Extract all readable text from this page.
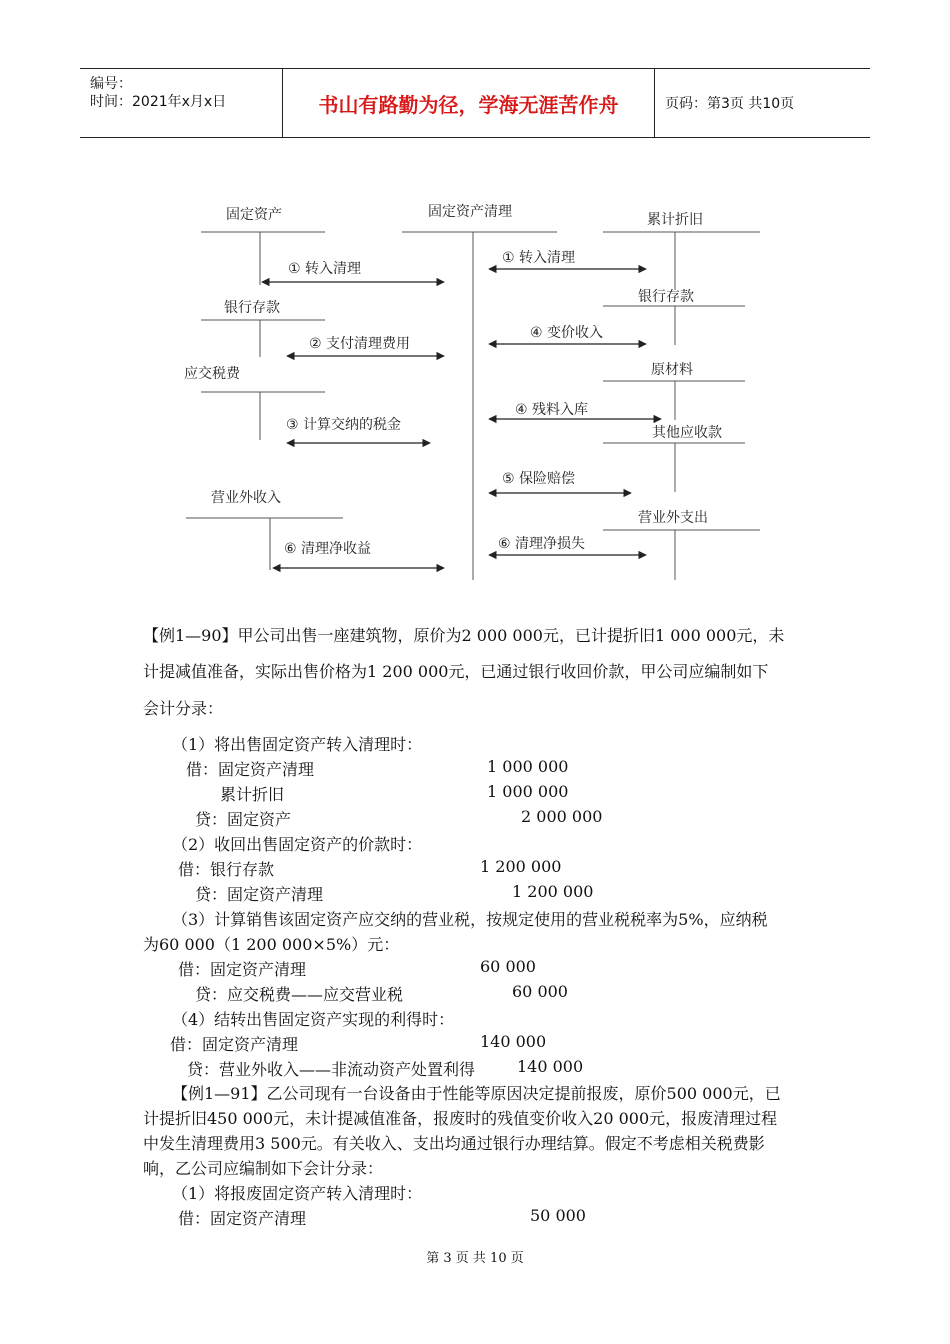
编号：
时间：2021年x月x日	书山有路勤为径，学海无涯苦作舟	页码：第3页 共10页
固定资产	固定资产清理	累计折旧
银行存款
银行存款
应交税费	原材料
其他应收款
营业外收入
营业外支出
① 转入清理
① 转入清理
② 支付清理费用
④ 变价收入
③ 计算交纳的税金
④ 残料入库
⑤ 保险赔偿
⑥ 清理净收益	⑥ 清理净损失
【例1—90】甲公司出售一座建筑物，原价为2 000 000元，已计提折旧1 000 000元，未
计提减值准备，实际出售价格为1 200 000元，已通过银行收回价款，甲公司应编制如下
会计分录：
（1）将出售固定资产转入清理时：
借：固定资产清理	1 000 000
累计折旧	1 000 000
贷：固定资产	2 000 000
（2）收回出售固定资产的价款时：
借：银行存款	1 200 000
贷：固定资产清理	1 200 000
（3）计算销售该固定资产应交纳的营业税，按规定使用的营业税税率为5%，应纳税
为60 000（1 200 000×5%）元：
借：固定资产清理	60 000
贷：应交税费——应交营业税	60 000
（4）结转出售固定资产实现的利得时：
借：固定资产清理	140 000
贷：营业外收入——非流动资产处置利得	140 000
【例1—91】乙公司现有一台设备由于性能等原因决定提前报废，原价500 000元，已
计提折旧450 000元，未计提减值准备，报废时的残值变价收入20 000元，报废清理过程
中发生清理费用3 500元。有关收入、支出均通过银行办理结算。假定不考虑相关税费影
响，乙公司应编制如下会计分录：
（1）将报废固定资产转入清理时：
借：固定资产清理	50 000
第 3 页 共 10 页
